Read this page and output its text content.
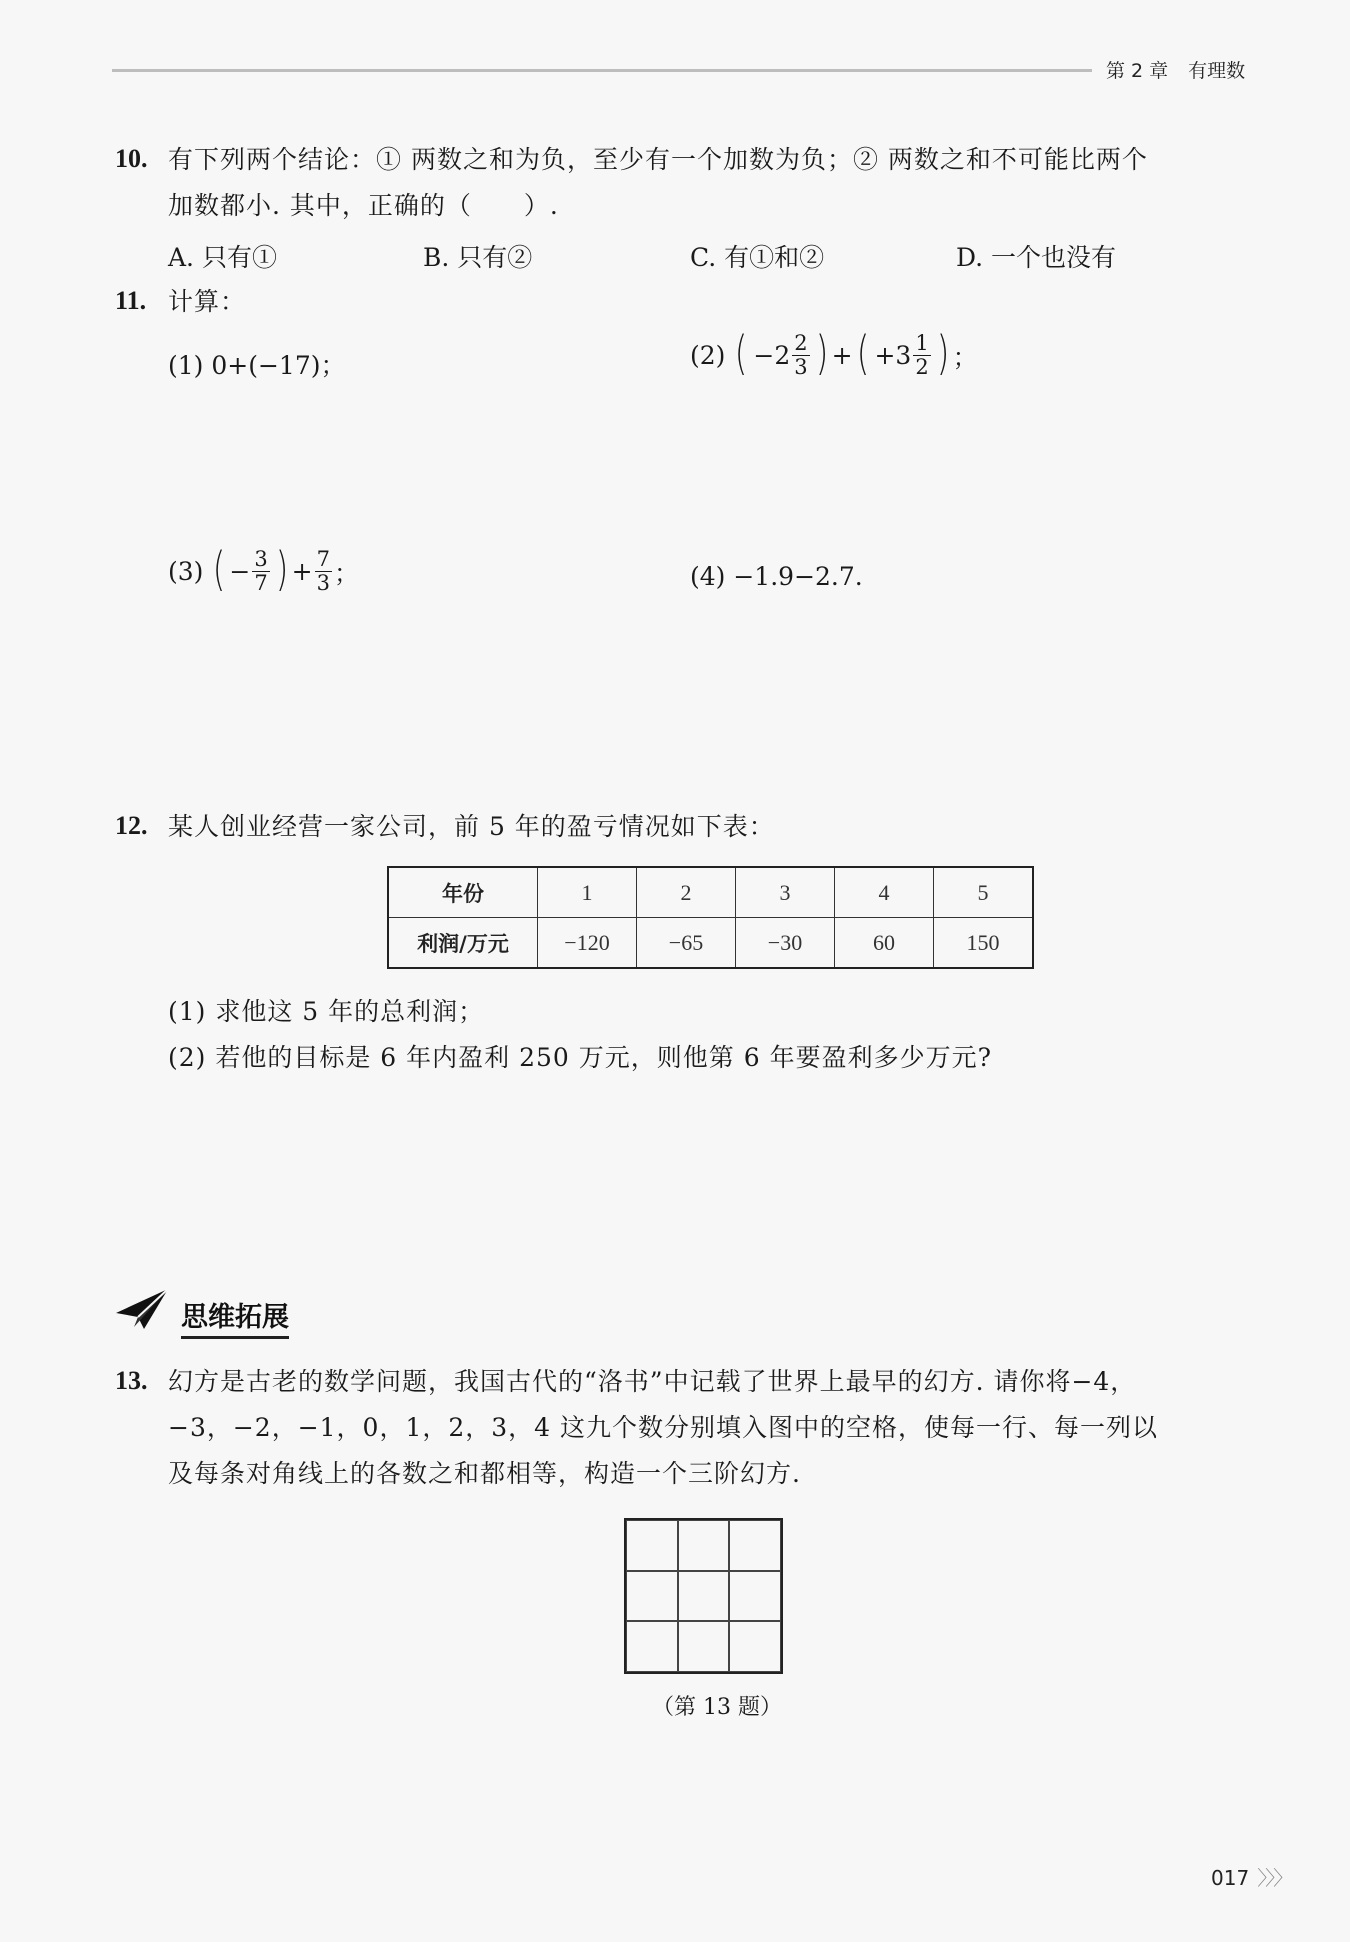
第 2 章 有理数
10. 有下列两个结论：① 两数之和为负，至少有一个加数为负；② 两数之和不可能比两个
加数都小. 其中，正确的（　　）.
A. 只有①	B. 只有②	C. 有①和②	D. 一个也没有
11. 计算：
(1) 0+(−17)；	(2) ( $-2 \frac{2}{3}$ ) + ( $+3 \frac{1}{2}$ ) ；
(3) ( − $\frac{3}{7}$ ) + $\frac{7}{3}$ ；	(4) −1.9−2.7.
12. 某人创业经营一家公司，前 5 年的盈亏情况如下表：
年份	1	2	3	4	5
利润/万元	−120	−65	−30	60	150
(1) 求他这 5 年的总利润；
(2) 若他的目标是 6 年内盈利 250 万元，则他第 6 年要盈利多少万元?
思维拓展
13. 幻方是古老的数学问题，我国古代的“洛书”中记载了世界上最早的幻方. 请你将−4，
−3，−2，−1，0，1，2，3，4 这九个数分别填入图中的空格，使每一行、每一列以
及每条对角线上的各数之和都相等，构造一个三阶幻方.
（第 13 题）
017 〉〉〉
